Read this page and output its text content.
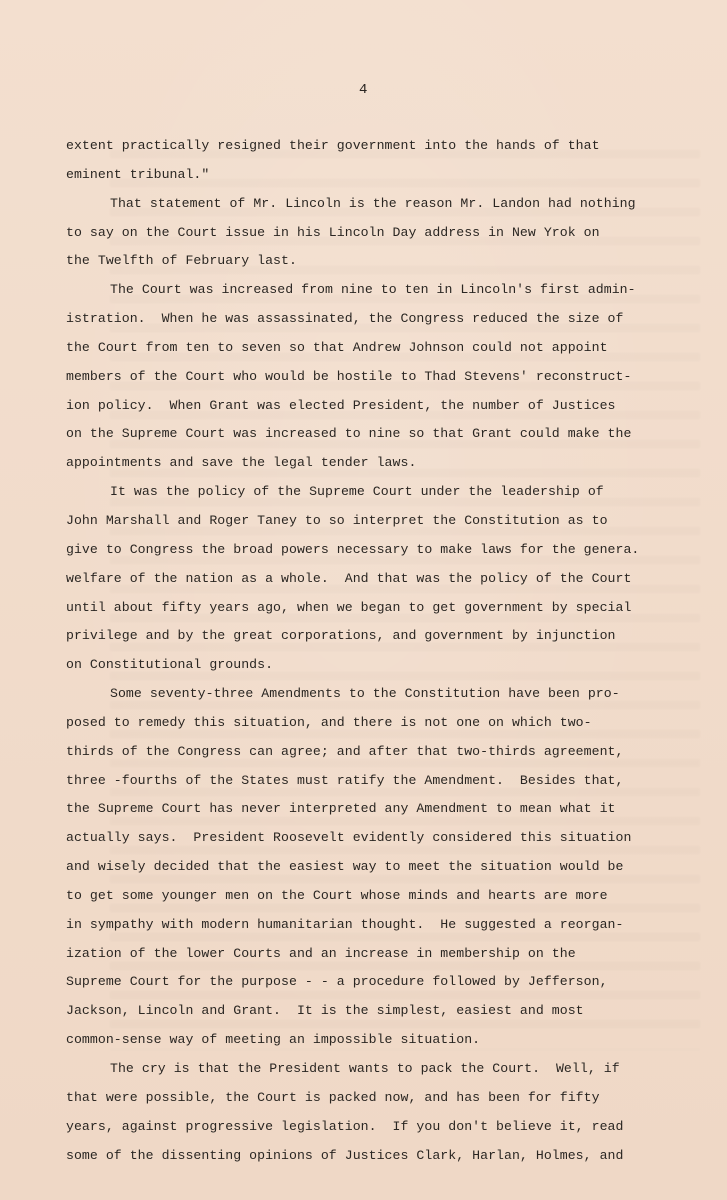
4
extent practically resigned their government into the hands of that
eminent tribunal."
That statement of Mr. Lincoln is the reason Mr. Landon had nothing
to say on the Court issue in his Lincoln Day address in New Yrok on
the Twelfth of February last.
The Court was increased from nine to ten in Lincoln's first admin-
istration.  When he was assassinated, the Congress reduced the size of
the Court from ten to seven so that Andrew Johnson could not appoint
members of the Court who would be hostile to Thad Stevens' reconstruct-
ion policy.  When Grant was elected President, the number of Justices
on the Supreme Court was increased to nine so that Grant could make the
appointments and save the legal tender laws.
It was the policy of the Supreme Court under the leadership of
John Marshall and Roger Taney to so interpret the Constitution as to
give to Congress the broad powers necessary to make laws for the genera.
welfare of the nation as a whole.  And that was the policy of the Court
until about fifty years ago, when we began to get government by special
privilege and by the great corporations, and government by injunction
on Constitutional grounds.
Some seventy-three Amendments to the Constitution have been pro-
posed to remedy this situation, and there is not one on which two-
thirds of the Congress can agree; and after that two-thirds agreement,
three -fourths of the States must ratify the Amendment.  Besides that,
the Supreme Court has never interpreted any Amendment to mean what it
actually says.  President Roosevelt evidently considered this situation
and wisely decided that the easiest way to meet the situation would be
to get some younger men on the Court whose minds and hearts are more
in sympathy with modern humanitarian thought.  He suggested a reorgan-
ization of the lower Courts and an increase in membership on the
Supreme Court for the purpose - - a procedure followed by Jefferson,
Jackson, Lincoln and Grant.  It is the simplest, easiest and most
common-sense way of meeting an impossible situation.
The cry is that the President wants to pack the Court.  Well, if
that were possible, the Court is packed now, and has been for fifty
years, against progressive legislation.  If you don't believe it, read
some of the dissenting opinions of Justices Clark, Harlan, Holmes, and
